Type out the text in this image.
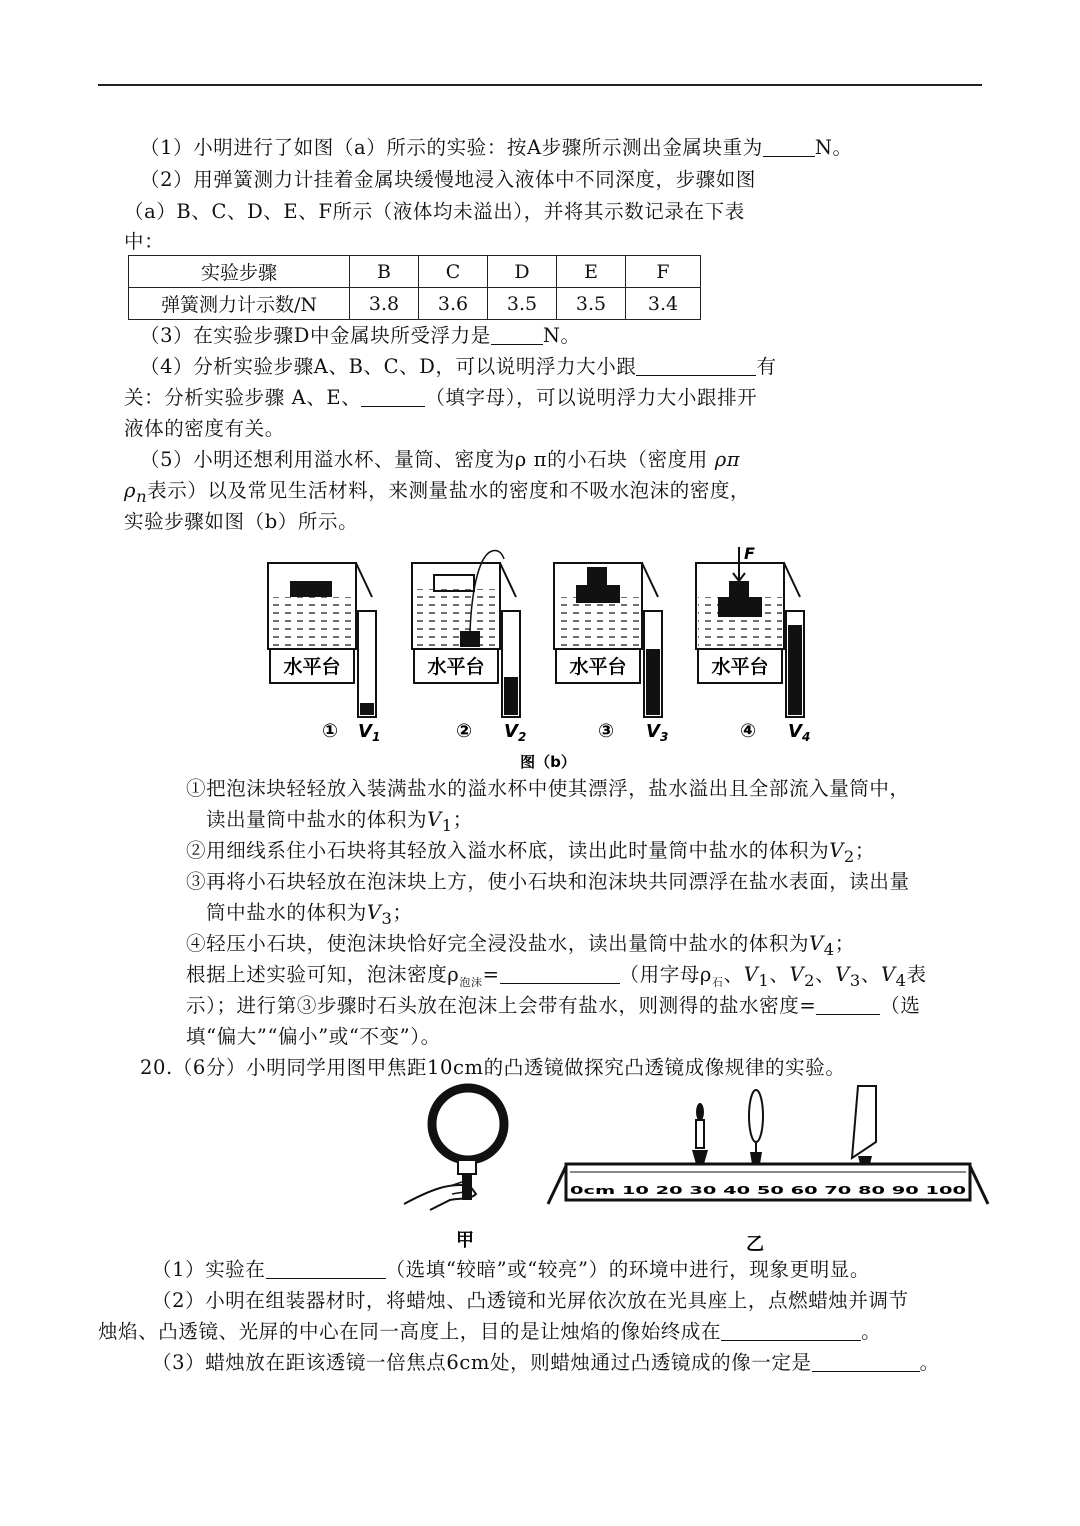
（1）小明进行了如图（a）所示的实验：按A步骤所示测出金属块重为	N。
（2）用弹簧测力计挂着金属块缓慢地浸入液体中不同深度，步骤如图
（a）B、C、D、E、F所示（液体均未溢出），并将其示数记录在下表
中：
实验步骤	B	C	D	E	F
弹簧测力计示数/N	3.8	3.6	3.5	3.5	3.4
（3）在实验步骤D中金属块所受浮力是	N。
（4）分析实验步骤A、B、C、D，可以说明浮力大小跟	有
关：分析实验步骤 A、E、	（填字母），可以说明浮力大小跟排开
液体的密度有关。
（5）小明还想利用溢水杯、量筒、密度为ρ π的小石块（密度用 ρπ
$\rho_n$表示）以及常见生活材料，来测量盐水的密度和不吸水泡沫的密度，
实验步骤如图（b）所示。
F
水平台	水平台	水平台	水平台
①	②	③	④
$V_1$	$V_2$	$V_3$	$V_4$
图（b）
①把泡沫块轻轻放入装满盐水的溢水杯中使其漂浮，盐水溢出且全部流入量筒中，
读出量筒中盐水的体积为$V_1$；
②用细线系住小石块将其轻放入溢水杯底，读出此时量筒中盐水的体积为$V_2$；
③再将小石块轻放在泡沫块上方，使小石块和泡沫块共同漂浮在盐水表面，读出量
筒中盐水的体积为$V_3$；
④轻压小石块，使泡沫块恰好完全浸没盐水，读出量筒中盐水的体积为$V_4$；
根据上述实验可知，泡沫密度$\rho_{泡沫}=$	（用字母$\rho_石$、$V_1$、$V_2$、$V_3$、$V_4$表
示）；进行第③步骤时石头放在泡沫上会带有盐水，则测得的盐水密度=	（选
填“偏大”“偏小”或“不变”）。
20.（6分）小明同学用图甲焦距10cm的凸透镜做探究凸透镜成像规律的实验。
甲
0cm 10 20 30 40 50 60 70 80 90 100
乙
（1）实验在	（选填“较暗”或“较亮”）的环境中进行，现象更明显。
（2）小明在组装器材时，将蜡烛、凸透镜和光屏依次放在光具座上，点燃蜡烛并调节
烛焰、凸透镜、光屏的中心在同一高度上，目的是让烛焰的像始终成在	。
（3）蜡烛放在距该透镜一倍焦点6cm处，则蜡烛通过凸透镜成的像一定是	。
